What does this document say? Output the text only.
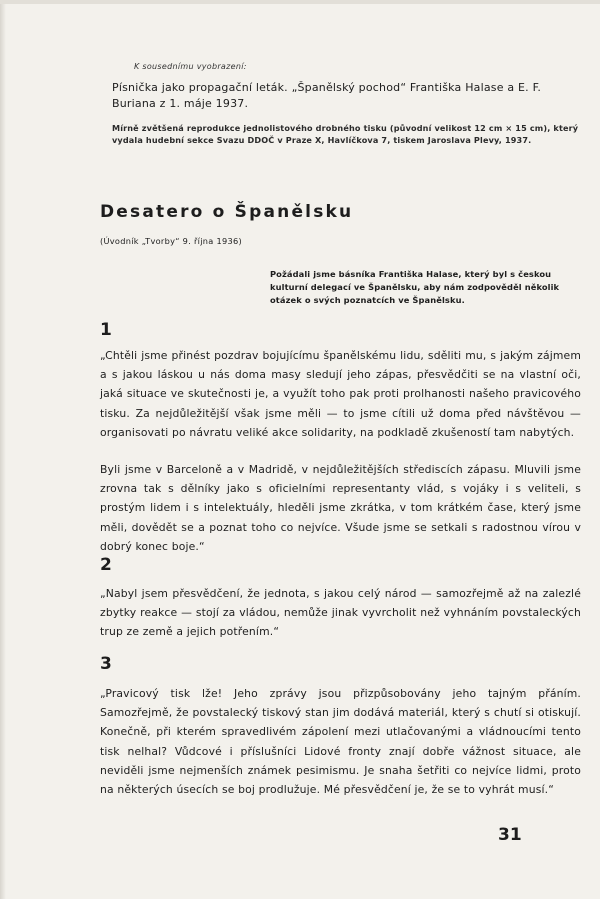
K sousednímu vyobrazení:
Písnička jako propagační leták. „Španělský pochod“ Františka Halase a E. F. Buriana z 1. máje 1937.
Mírně zvětšená reprodukce jednolistového drobného tisku (původní velikost 12 cm × 15 cm), který vydala hudební sekce Svazu DDOČ v Praze X, Havlíčkova 7, tiskem Jaroslava Plevy, 1937.
Desatero o Španělsku
(Úvodník „Tvorby“ 9. října 1936)
Požádali jsme básníka Františka Halase, který byl s českou kulturní delegací ve Španělsku, aby nám zodpověděl několik otázek o svých poznatcích ve Španělsku.
1
„Chtěli jsme přinést pozdrav bojujícímu španělskému lidu, sděliti mu, s jakým zájmem a s jakou láskou u nás doma masy sledují jeho zápas, přesvědčiti se na vlastní oči, jaká situace ve skutečnosti je, a využít toho pak proti prolhanosti našeho pravicového tisku. Za nejdůležitější však jsme měli — to jsme cítili už doma před návštěvou — organisovati po návratu veliké akce solidarity, na podkladě zkušeností tam nabytých.
Byli jsme v Barceloně a v Madridě, v nejdůležitějších střediscích zápasu. Mluvili jsme zrovna tak s dělníky jako s oficielními representanty vlád, s vojáky i s veliteli, s prostým lidem i s intelektuály, hleděli jsme zkrátka, v tom krátkém čase, který jsme měli, dovědět se a poznat toho co nejvíce. Všude jsme se setkali s radostnou vírou v dobrý konec boje.“
2
„Nabyl jsem přesvědčení, že jednota, s jakou celý národ — samozřejmě až na zalezlé zbytky reakce — stojí za vládou, nemůže jinak vyvrcholit než vyhnáním povstaleckých trup ze země a jejich potřením.“
3
„Pravicový tisk lže! Jeho zprávy jsou přizpůsobovány jeho tajným přáním. Samozřejmě, že povstalecký tiskový stan jim dodává materiál, který s chutí si otiskují. Konečně, při kterém spravedlivém zápolení mezi utlačovanými a vládnoucími tento tisk nelhal? Vůdcové i příslušníci Lidové fronty znají dobře vážnost situace, ale neviděli jsme nejmenších známek pesimismu. Je snaha šetřiti co nejvíce lidmi, proto na některých úsecích se boj prodlužuje. Mé přesvědčení je, že se to vyhrát musí.“
31
